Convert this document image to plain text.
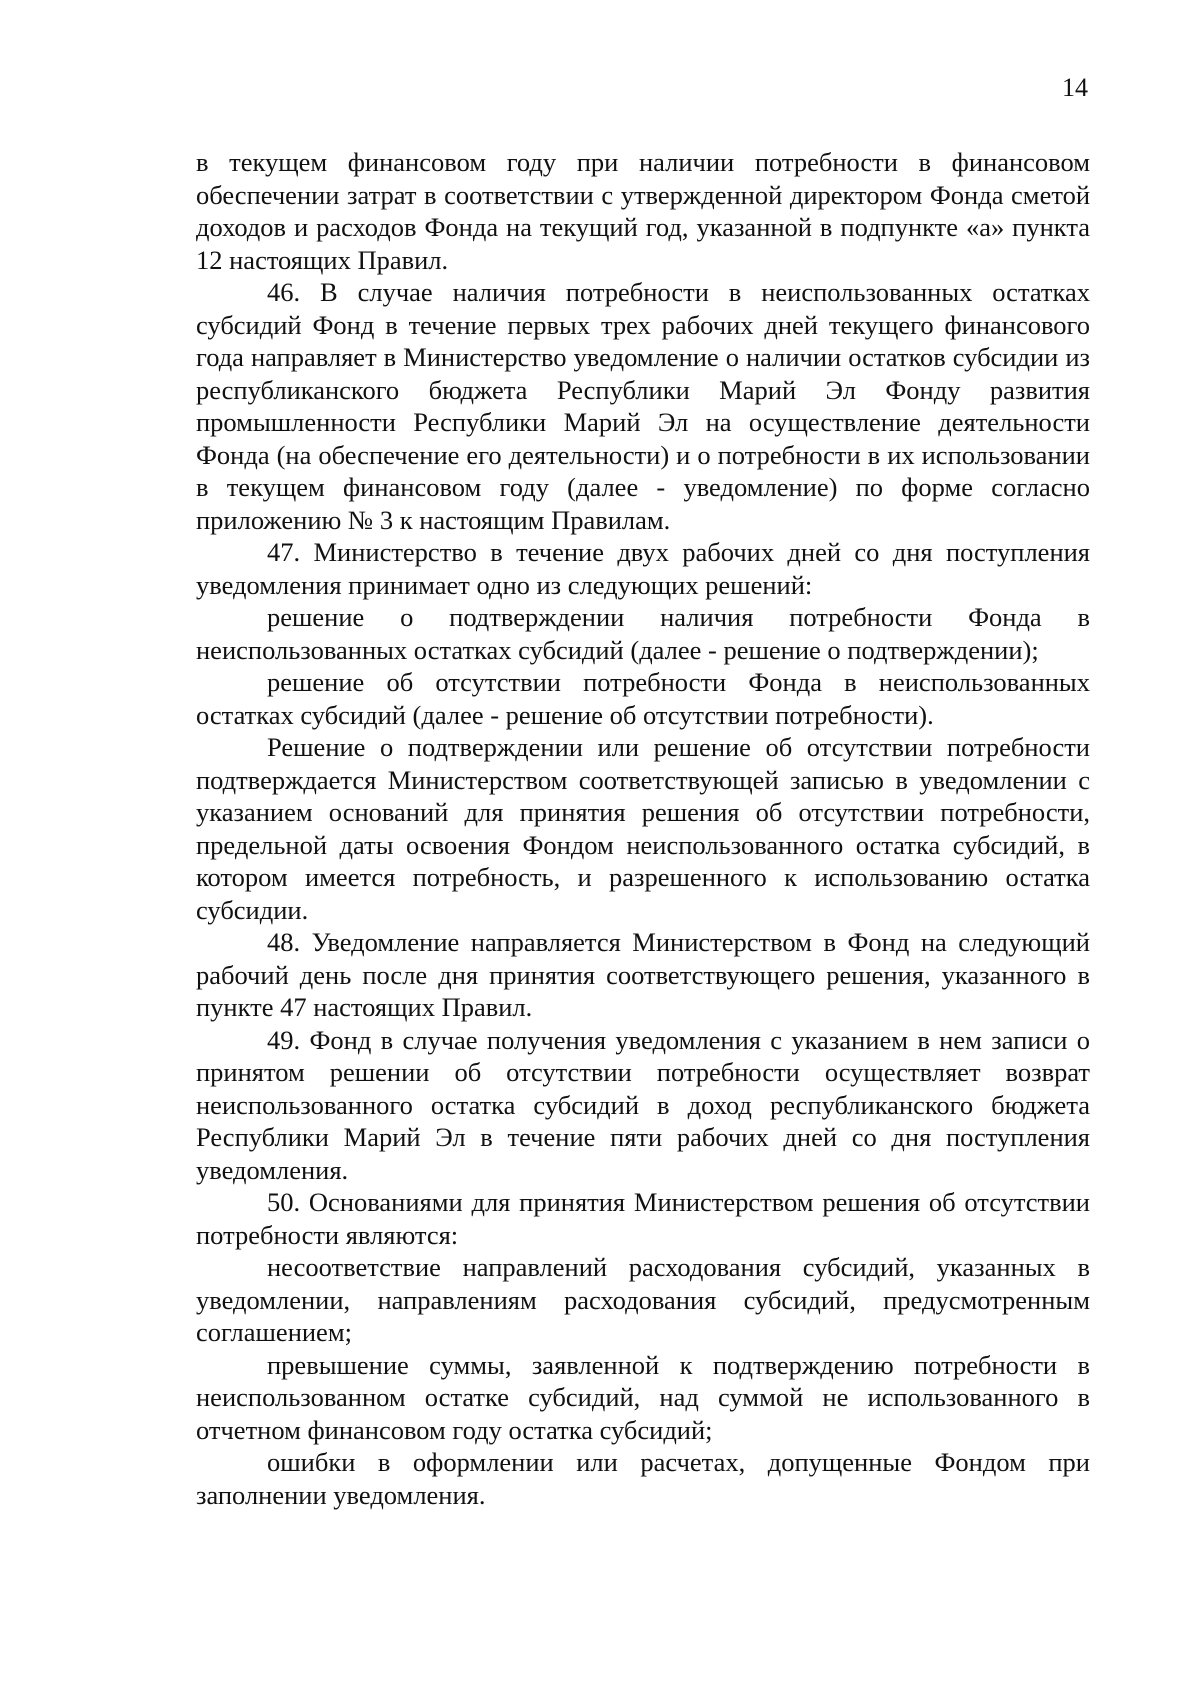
14

в текущем финансовом году при наличии потребности в финансовом обеспечении затрат в соответствии с утвержденной директором Фонда сметой доходов и расходов Фонда на текущий год, указанной в подпункте «а» пункта 12 настоящих Правил.

46. В случае наличия потребности в неиспользованных остатках субсидий Фонд в течение первых трех рабочих дней текущего финансового года направляет в Министерство уведомление о наличии остатков субсидии из республиканского бюджета Республики Марий Эл Фонду развития промышленности Республики Марий Эл на осуществление деятельности Фонда (на обеспечение его деятельности) и о потребности в их использовании в текущем финансовом году (далее - уведомление) по форме согласно приложению № 3 к настоящим Правилам.

47. Министерство в течение двух рабочих дней со дня поступления уведомления принимает одно из следующих решений:

решение о подтверждении наличия потребности Фонда в неиспользованных остатках субсидий (далее - решение о подтверждении);

решение об отсутствии потребности Фонда в неиспользованных остатках субсидий (далее - решение об отсутствии потребности).

Решение о подтверждении или решение об отсутствии потребности подтверждается Министерством соответствующей записью в уведомлении с указанием оснований для принятия решения об отсутствии потребности, предельной даты освоения Фондом неиспользованного остатка субсидий, в котором имеется потребность, и разрешенного к использованию остатка субсидии.

48. Уведомление направляется Министерством в Фонд на следующий рабочий день после дня принятия соответствующего решения, указанного в пункте 47 настоящих Правил.

49. Фонд в случае получения уведомления с указанием в нем записи о принятом решении об отсутствии потребности осуществляет возврат неиспользованного остатка субсидий в доход республиканского бюджета Республики Марий Эл в течение пяти рабочих дней со дня поступления уведомления.

50. Основаниями для принятия Министерством решения об отсутствии потребности являются:

несоответствие направлений расходования субсидий, указанных в уведомлении, направлениям расходования субсидий, предусмотренным соглашением;

превышение суммы, заявленной к подтверждению потребности в неиспользованном остатке субсидий, над суммой не использованного в отчетном финансовом году остатка субсидий;

ошибки в оформлении или расчетах, допущенные Фондом при заполнении уведомления.
